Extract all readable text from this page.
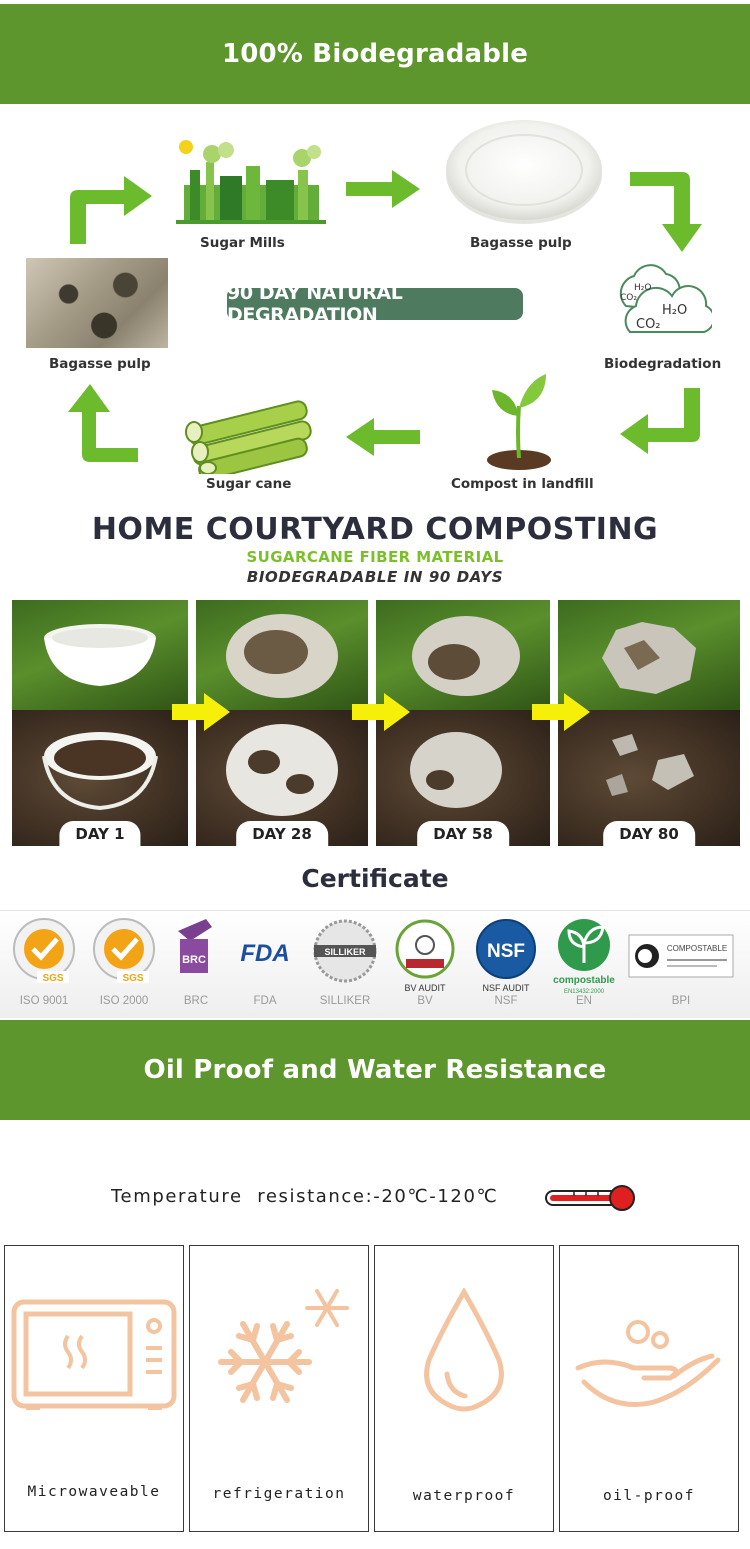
100% Biodegradable
Sugar Mills	Bagasse pulp
H₂O
CO₂
H₂O
CO₂
Biodegradation
Compost in landfill
Sugar cane
Bagasse pulp
90 DAY NATURAL DEGRADATION
HOME COURTYARD COMPOSTING
SUGARCANE FIBER MATERIAL
BIODEGRADABLE IN 90 DAYS
DAY 1	DAY 28	DAY 58	DAY 80
Certificate
SGS
ISO 9001
SGS
ISO 2000
BRC
BRC
FDA
FDA
SILLIKER
SILLIKER
BV AUDIT
BV
NSF
NSF AUDIT
NSF
compostable
EN13432:2000
EN
COMPOSTABLE
BPI
Oil Proof and Water Resistance
Temperature  resistance:-20℃-120℃
Microwaveable	refrigeration	waterproof	oil-proof
